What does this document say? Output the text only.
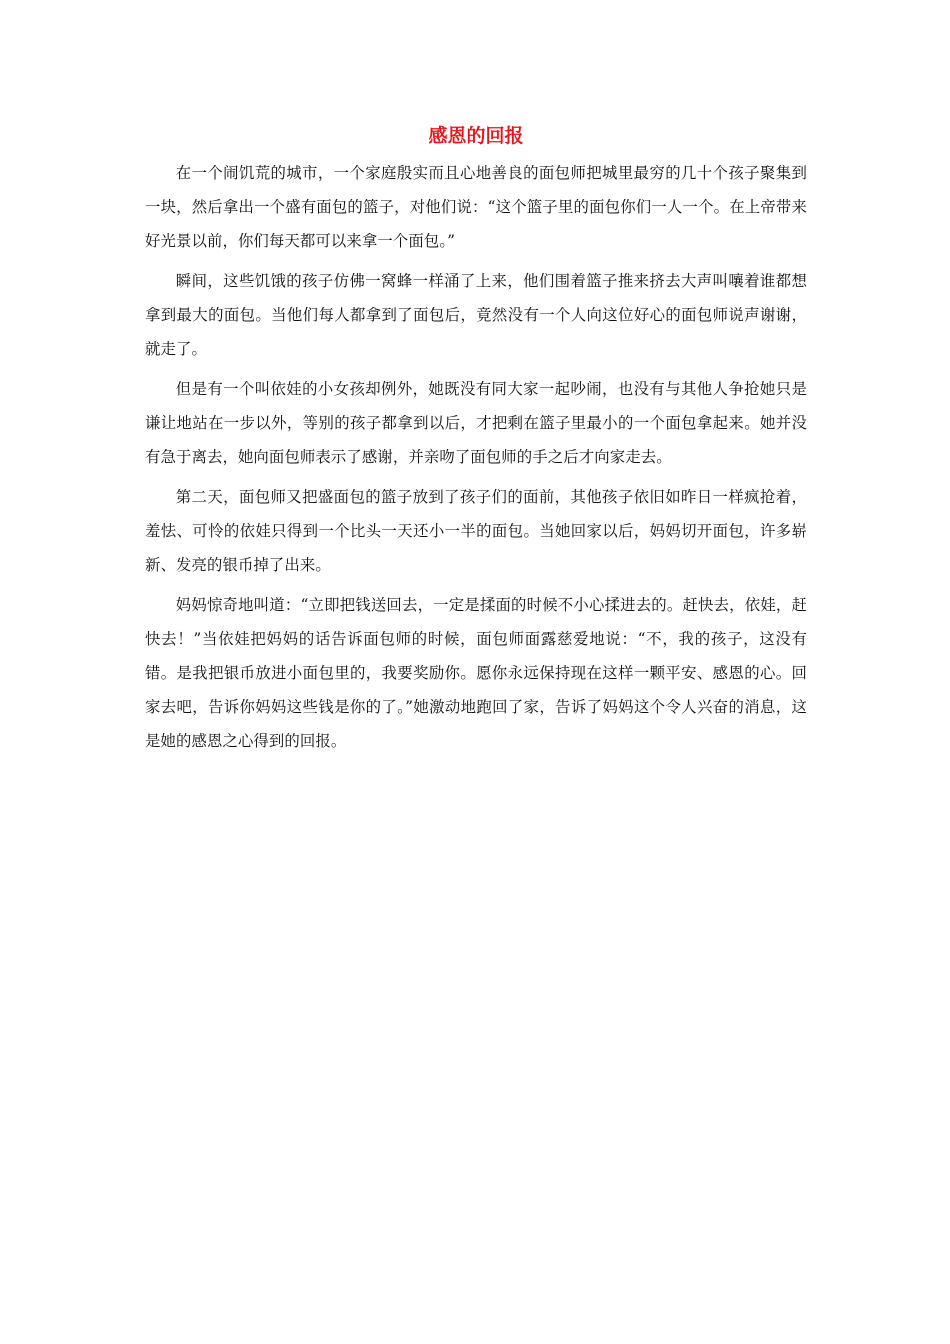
感恩的回报

在一个闹饥荒的城市，一个家庭殷实而且心地善良的面包师把城里最穷的几十个孩子聚集到一块，然后拿出一个盛有面包的篮子，对他们说：“这个篮子里的面包你们一人一个。在上帝带来好光景以前，你们每天都可以来拿一个面包。”

瞬间，这些饥饿的孩子仿佛一窝蜂一样涌了上来，他们围着篮子推来挤去大声叫嚷着谁都想拿到最大的面包。当他们每人都拿到了面包后，竟然没有一个人向这位好心的面包师说声谢谢，就走了。

但是有一个叫依娃的小女孩却例外，她既没有同大家一起吵闹，也没有与其他人争抢她只是谦让地站在一步以外，等别的孩子都拿到以后，才把剩在篮子里最小的一个面包拿起来。她并没有急于离去，她向面包师表示了感谢，并亲吻了面包师的手之后才向家走去。

第二天，面包师又把盛面包的篮子放到了孩子们的面前，其他孩子依旧如昨日一样疯抢着，羞怯、可怜的依娃只得到一个比头一天还小一半的面包。当她回家以后，妈妈切开面包，许多崭新、发亮的银币掉了出来。

妈妈惊奇地叫道：“立即把钱送回去，一定是揉面的时候不小心揉进去的。赶快去，依娃，赶快去！”当依娃把妈妈的话告诉面包师的时候，面包师面露慈爱地说：“不，我的孩子，这没有错。是我把银币放进小面包里的，我要奖励你。愿你永远保持现在这样一颗平安、感恩的心。回家去吧，告诉你妈妈这些钱是你的了。”她激动地跑回了家，告诉了妈妈这个令人兴奋的消息，这是她的感恩之心得到的回报。
